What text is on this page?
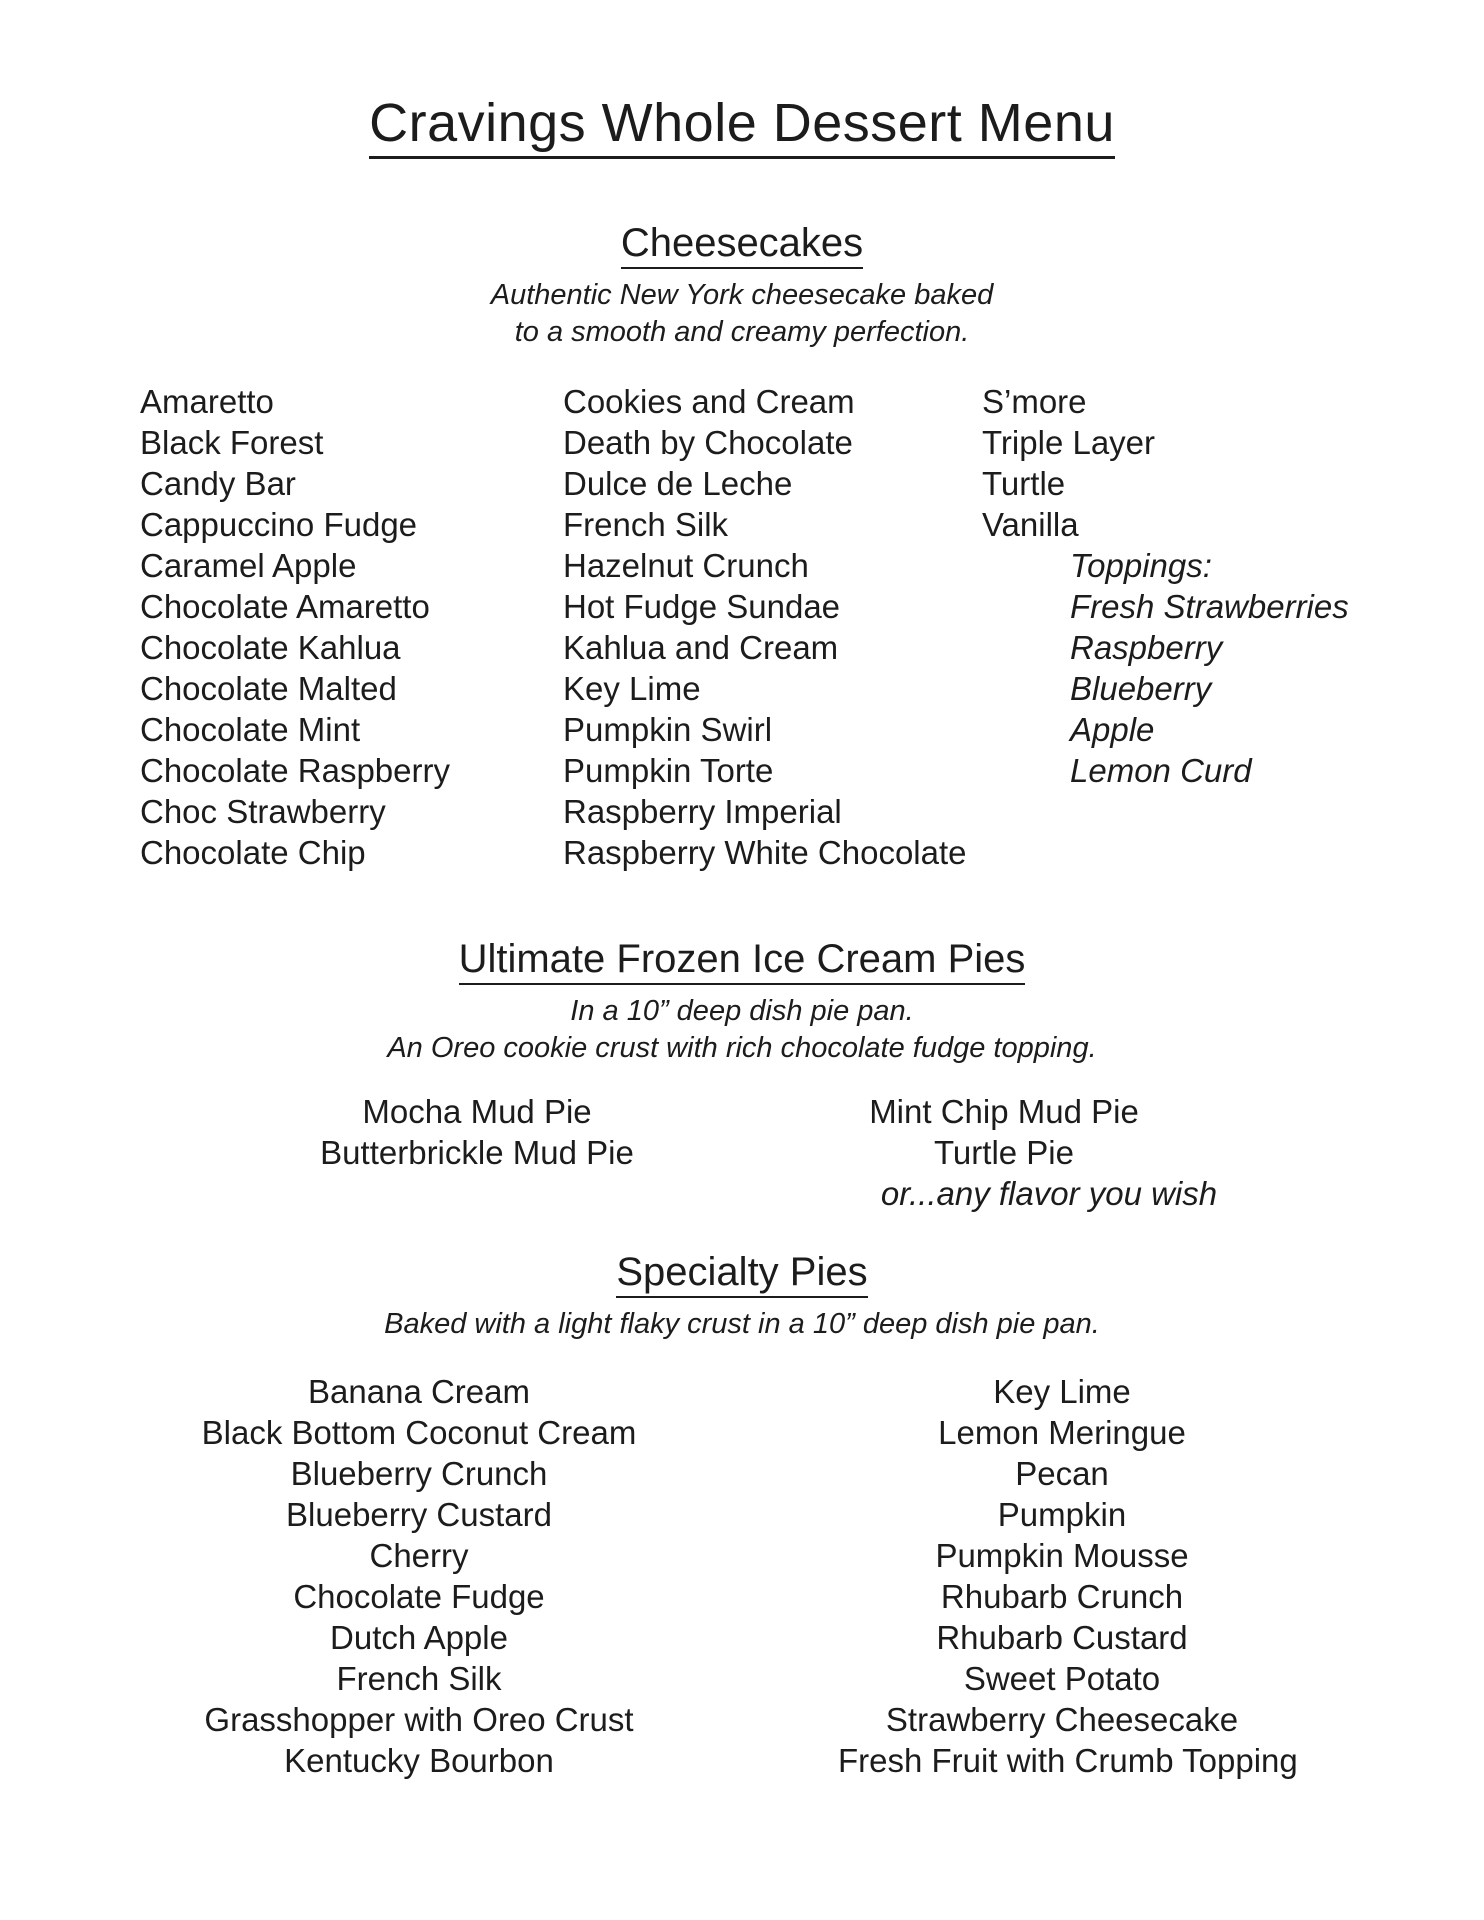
Cravings Whole Dessert Menu
Cheesecakes
Authentic New York cheesecake baked
to a smooth and creamy perfection.
Amaretto
Black Forest
Candy Bar
Cappuccino Fudge
Caramel Apple
Chocolate Amaretto
Chocolate Kahlua
Chocolate Malted
Chocolate Mint
Chocolate Raspberry
Choc Strawberry
Chocolate Chip
Cookies and Cream
Death by Chocolate
Dulce de Leche
French Silk
Hazelnut Crunch
Hot Fudge Sundae
Kahlua and Cream
Key Lime
Pumpkin Swirl
Pumpkin Torte
Raspberry Imperial
Raspberry White Chocolate
S’more
Triple Layer
Turtle
Vanilla
Toppings:
Fresh Strawberries
Raspberry
Blueberry
Apple
Lemon Curd
Ultimate Frozen Ice Cream Pies
In a 10” deep dish pie pan.
An Oreo cookie crust with rich chocolate fudge topping.
Mocha Mud Pie
Butterbrickle Mud Pie
Mint Chip Mud Pie
Turtle Pie
or...any flavor you wish
Specialty Pies
Baked with a light flaky crust in a 10” deep dish pie pan.
Banana Cream
Black Bottom Coconut Cream
Blueberry Crunch
Blueberry Custard
Cherry
Chocolate Fudge
Dutch Apple
French Silk
Grasshopper with Oreo Crust
Kentucky Bourbon
Key Lime
Lemon Meringue
Pecan
Pumpkin
Pumpkin Mousse
Rhubarb Crunch
Rhubarb Custard
Sweet Potato
Strawberry Cheesecake
Fresh Fruit with Crumb Topping
